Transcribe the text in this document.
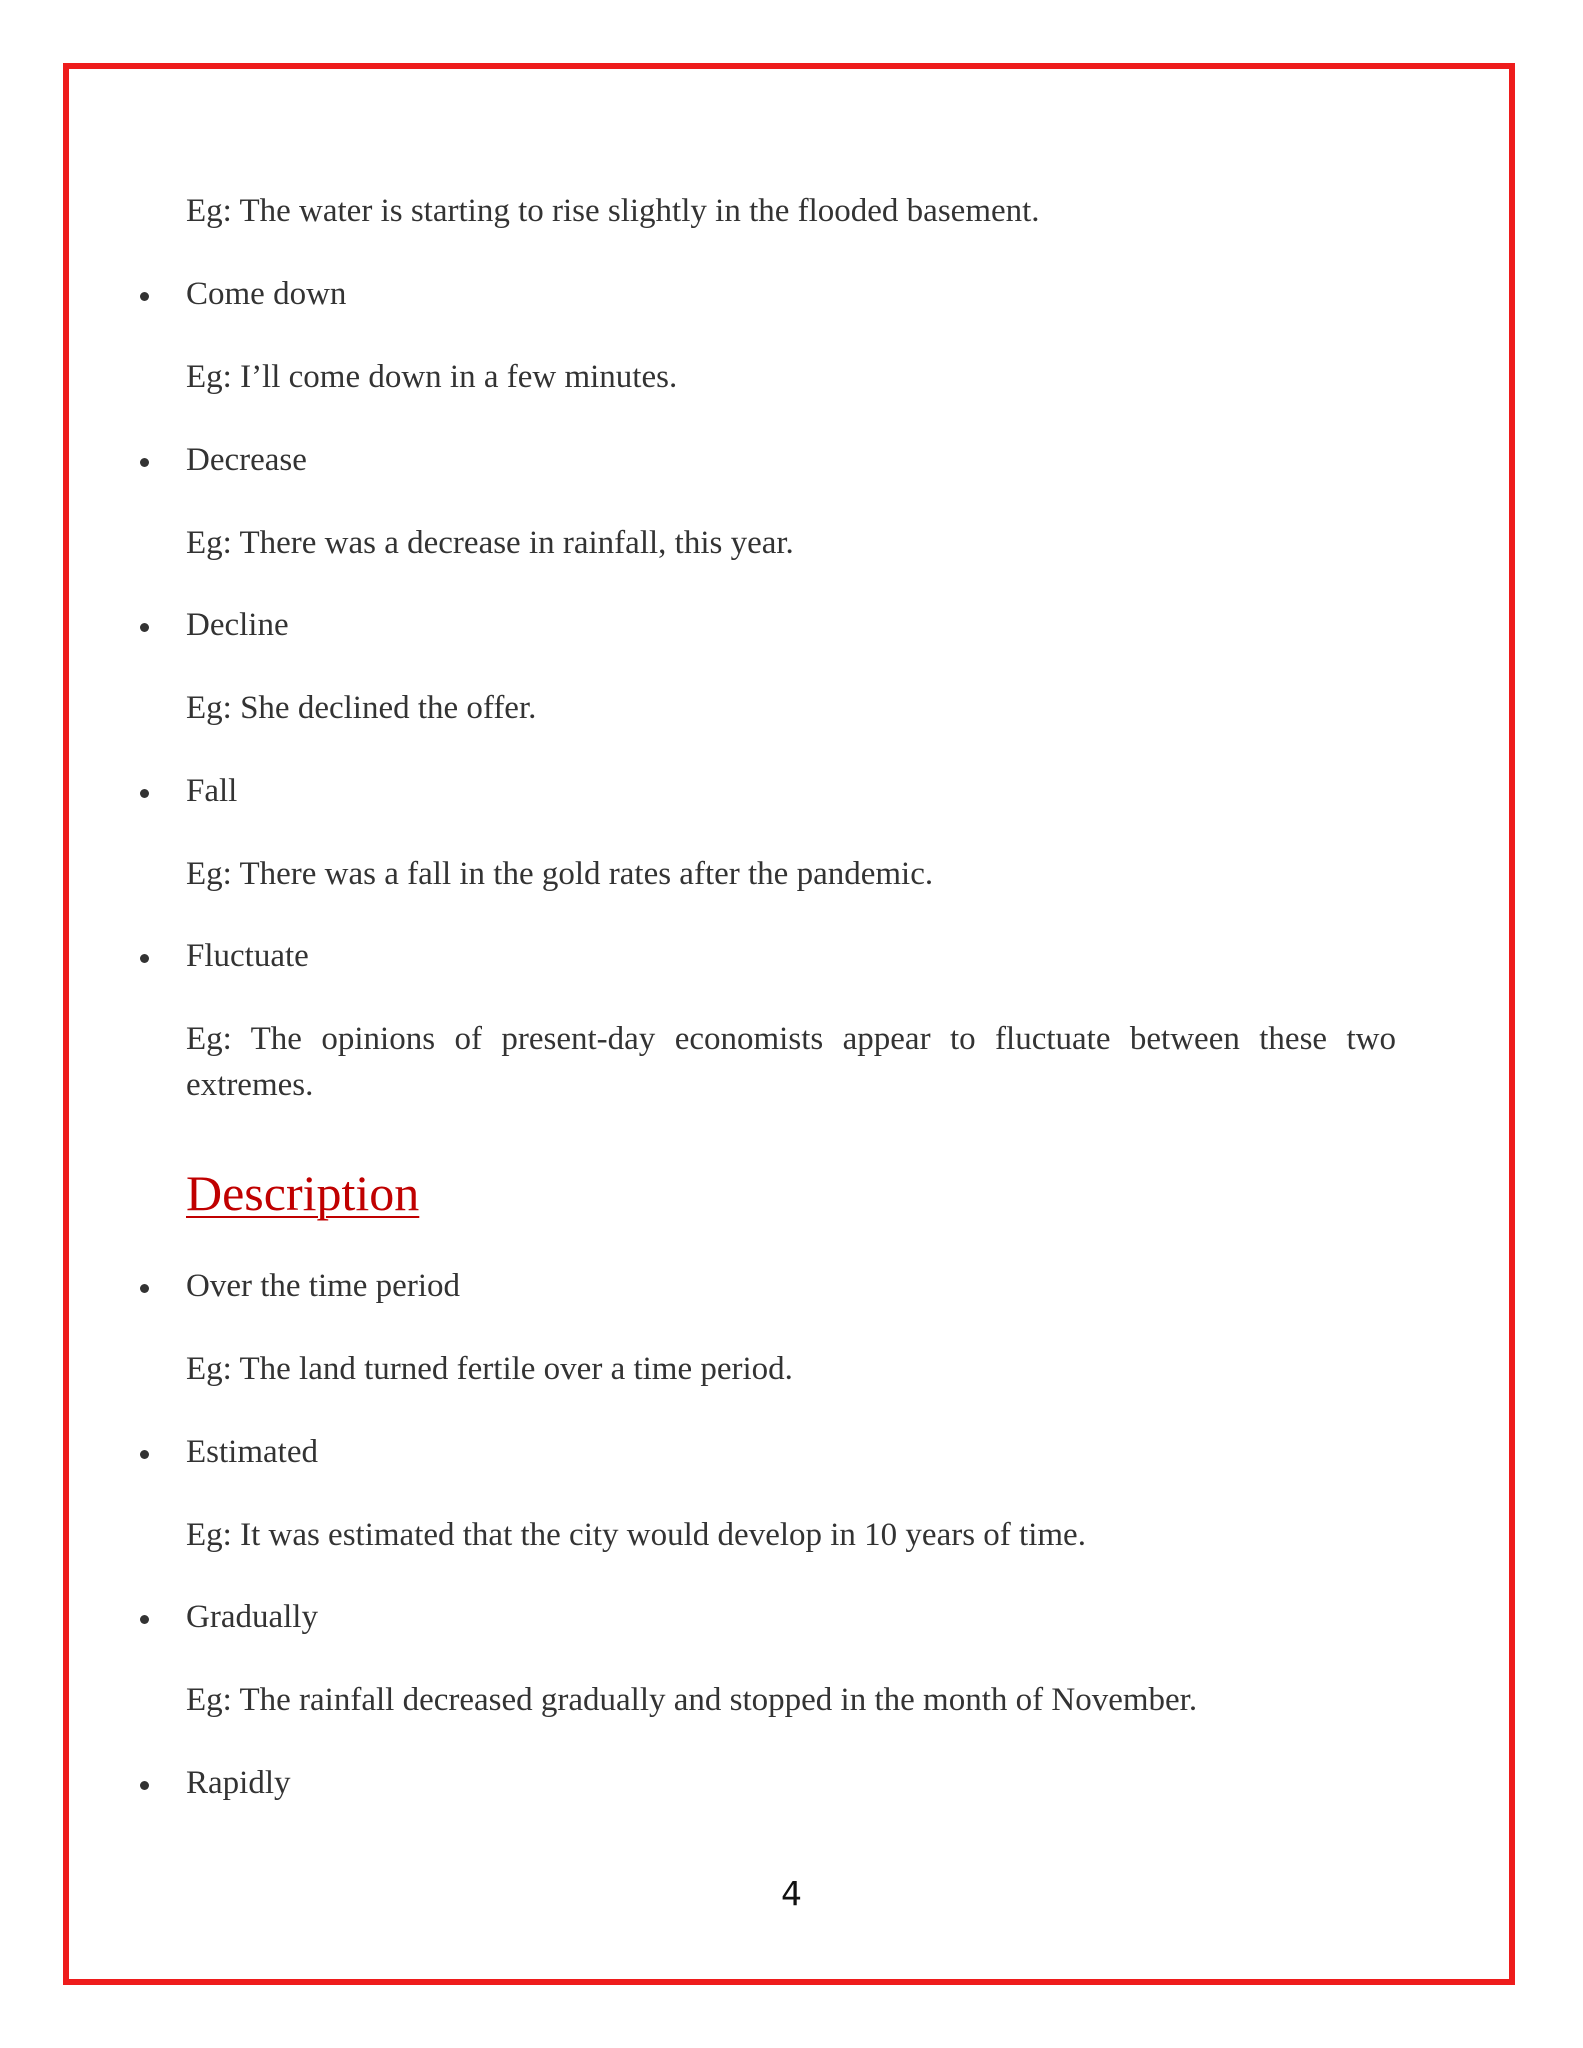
Eg: The water is starting to rise slightly in the flooded basement.
Come down
Eg: I’ll come down in a few minutes.
Decrease
Eg: There was a decrease in rainfall, this year.
Decline
Eg: She declined the offer.
Fall
Eg: There was a fall in the gold rates after the pandemic.
Fluctuate
Eg: The opinions of present-day economists appear to fluctuate between these two extremes.
Description
Over the time period
Eg: The land turned fertile over a time period.
Estimated
Eg: It was estimated that the city would develop in 10 years of time.
Gradually
Eg: The rainfall decreased gradually and stopped in the month of November.
Rapidly
4
